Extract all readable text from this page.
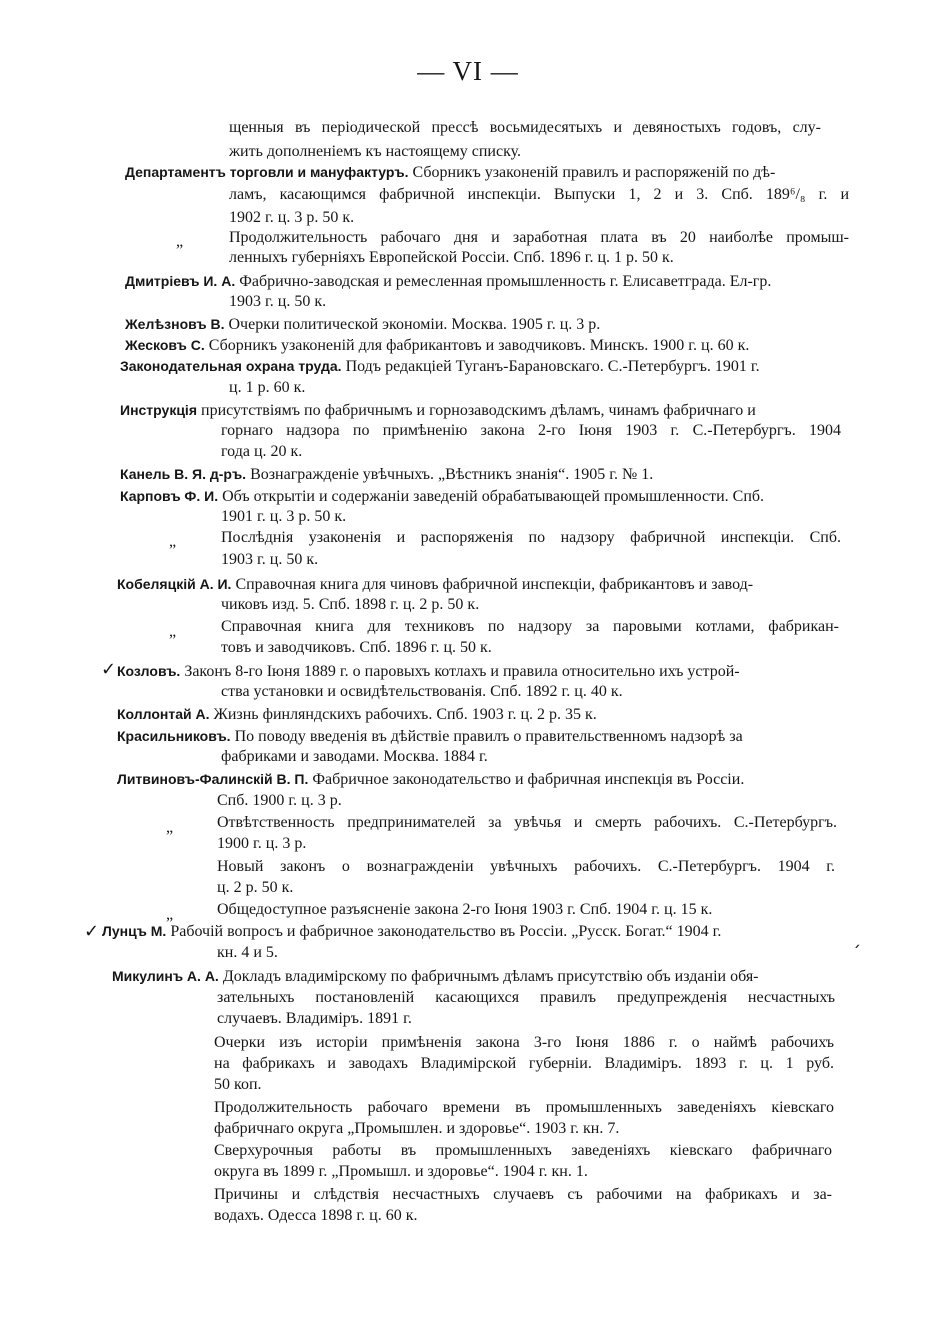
— VI —
щенныя въ періодической прессѣ восьмидесятыхъ и девяностыхъ годовъ, слу-
жить дополненіемъ къ настоящему списку.
Департаментъ торговли и мануфактуръ. Сборникъ узаконеній правилъ и распоряженій по дѣ-
ламъ, касающимся фабричной инспекціи. Выпуски 1, 2 и 3. Спб. 189⁶/₈ г. и
1902 г. ц. 3 р. 50 к.
„	Продолжительность рабочаго дня и заработная плата въ 20 наиболѣе промыш-
ленныхъ губерніяхъ Европейской Россіи. Спб. 1896 г. ц. 1 р. 50 к.
Дмитріевъ И. А. Фабрично-заводская и ремесленная промышленность г. Елисаветграда. Ел-гр.
1903 г. ц. 50 к.
Желѣзновъ В. Очерки политической экономіи. Москва. 1905 г. ц. 3 р.
Жесковъ С. Сборникъ узаконеній для фабрикантовъ и заводчиковъ. Минскъ. 1900 г. ц. 60 к.
Законодательная охрана труда. Подъ редакціей Туганъ-Барановскаго. С.-Петербургъ. 1901 г.
ц. 1 р. 60 к.
Инструкція присутствіямъ по фабричнымъ и горнозаводскимъ дѣламъ, чинамъ фабричнаго и
горнаго надзора по примѣненію закона 2-го Іюня 1903 г. С.-Петербургъ. 1904
года ц. 20 к.
Канель В. Я. д-ръ. Вознагражденіе увѣчныхъ. „Вѣстникъ знанія“. 1905 г. № 1.
Карповъ Ф. И. Объ открытіи и содержаніи заведеній обрабатывающей промышленности. Спб.
1901 г. ц. 3 р. 50 к.
„	Послѣднія узаконенія и распоряженія по надзору фабричной инспекціи. Спб.
1903 г. ц. 50 к.
Кобеляцкій А. И. Справочная книга для чиновъ фабричной инспекціи, фабрикантовъ и завод-
чиковъ изд. 5. Спб. 1898 г. ц. 2 р. 50 к.
„	Справочная книга для техниковъ по надзору за паровыми котлами, фабрикан-
товъ и заводчиковъ. Спб. 1896 г. ц. 50 к.
✓ Козловъ. Законъ 8-го Іюня 1889 г. о паровыхъ котлахъ и правила относительно ихъ устрой-
ства установки и освидѣтельствованія. Спб. 1892 г. ц. 40 к.
Коллонтай А. Жизнь финляндскихъ рабочихъ. Спб. 1903 г. ц. 2 р. 35 к.
Красильниковъ. По поводу введенія въ дѣйствіе правилъ о правительственномъ надзорѣ за
фабриками и заводами. Москва. 1884 г.
Литвиновъ-Фалинскій В. П. Фабричное законодательство и фабричная инспекція въ Россіи.
Спб. 1900 г. ц. 3 р.
„	Отвѣтственность предпринимателей за увѣчья и смерть рабочихъ. С.-Петербургъ.
1900 г. ц. 3 р.
Новый законъ о вознагражденіи увѣчныхъ рабочихъ. С.-Петербургъ. 1904 г.
ц. 2 р. 50 к.
„	Общедоступное разъясненіе закона 2-го Іюня 1903 г. Спб. 1904 г. ц. 15 к.
✓ Лунцъ М. Рабочій вопросъ и фабричное законодательство въ Россіи. „Русск. Богат.“ 1904 г.	ˏ
кн. 4 и 5.
Микулинъ А. А. Докладъ владимірскому по фабричнымъ дѣламъ присутствію объ изданіи обя-
зательныхъ постановленій касающихся правилъ предупрежденія несчастныхъ
случаевъ. Владиміръ. 1891 г.
Очерки изъ исторіи примѣненія закона 3-го Іюня 1886 г. о наймѣ рабочихъ
на фабрикахъ и заводахъ Владимірской губерніи. Владиміръ. 1893 г. ц. 1 руб.
50 коп.
Продолжительность рабочаго времени въ промышленныхъ заведеніяхъ кіевскаго
фабричнаго округа „Промышлен. и здоровье“. 1903 г. кн. 7.
Сверхурочныя работы въ промышленныхъ заведеніяхъ кіевскаго фабричнаго
округа въ 1899 г. „Промышл. и здоровье“. 1904 г. кн. 1.
Причины и слѣдствія несчастныхъ случаевъ съ рабочими на фабрикахъ и за-
водахъ. Одесса 1898 г. ц. 60 к.
